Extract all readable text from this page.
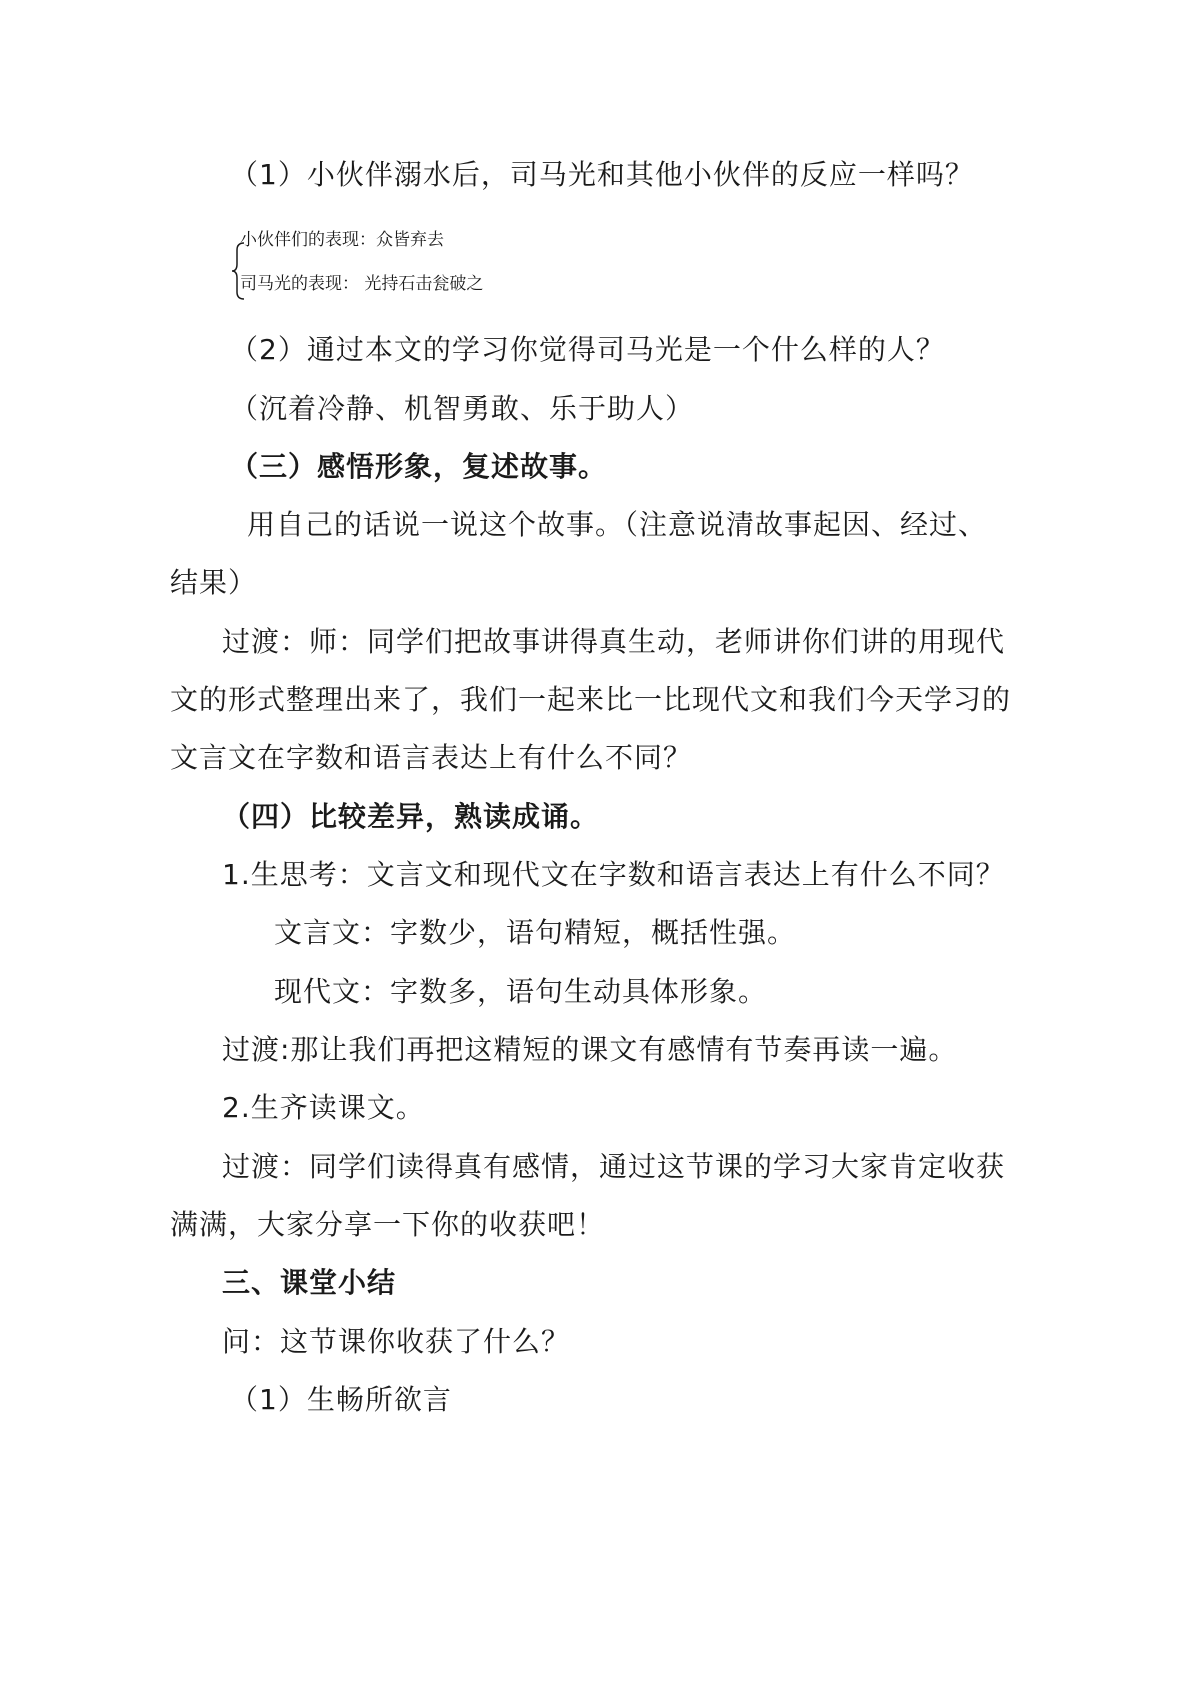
（1）小伙伴溺水后，司马光和其他小伙伴的反应一样吗？
小伙伴们的表现：众皆弃去
司马光的表现： 光持石击瓮破之
（2）通过本文的学习你觉得司马光是一个什么样的人？
（沉着冷静、机智勇敢、乐于助人）
（三）感悟形象，复述故事。
用自己的话说一说这个故事。（注意说清故事起因、经过、
结果）
过渡：师：同学们把故事讲得真生动，老师讲你们讲的用现代
文的形式整理出来了，我们一起来比一比现代文和我们今天学习的
文言文在字数和语言表达上有什么不同？
（四）比较差异，熟读成诵。
1.生思考：文言文和现代文在字数和语言表达上有什么不同？
文言文：字数少，语句精短，概括性强。
现代文：字数多，语句生动具体形象。
过渡:那让我们再把这精短的课文有感情有节奏再读一遍。
2.生齐读课文。
过渡：同学们读得真有感情，通过这节课的学习大家肯定收获
满满，大家分享一下你的收获吧！
三、课堂小结
问：这节课你收获了什么？
（1）生畅所欲言
